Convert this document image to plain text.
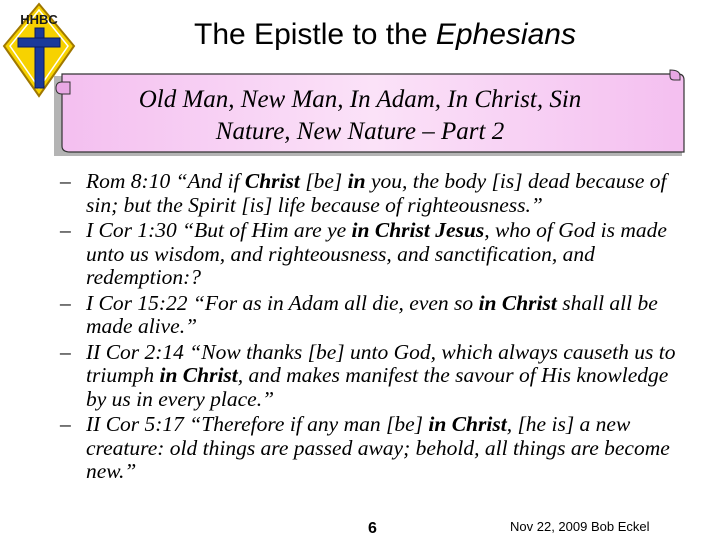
HHBC	The Epistle to the Ephesians
Old Man, New Man, In Adam, In Christ, Sin
Nature, New Nature – Part 2
– Rom 8:10 “And if Christ [be] in you, the body [is] dead because of sin; but the Spirit [is] life because of righteousness.”
– I Cor 1:30 “But of Him are ye in Christ Jesus, who of God is made unto us wisdom, and righteousness, and sanctification, and redemption:?
– I Cor 15:22 “For as in Adam all die, even so in Christ shall all be made alive.”
– II Cor 2:14 “Now thanks [be] unto God, which always causeth us to triumph in Christ, and makes manifest the savour of His knowledge by us in every place.”
– II Cor 5:17 “Therefore if any man [be] in Christ, [he is] a new creature: old things are passed away; behold, all things are become new.”
6	Nov 22, 2009 Bob Eckel
